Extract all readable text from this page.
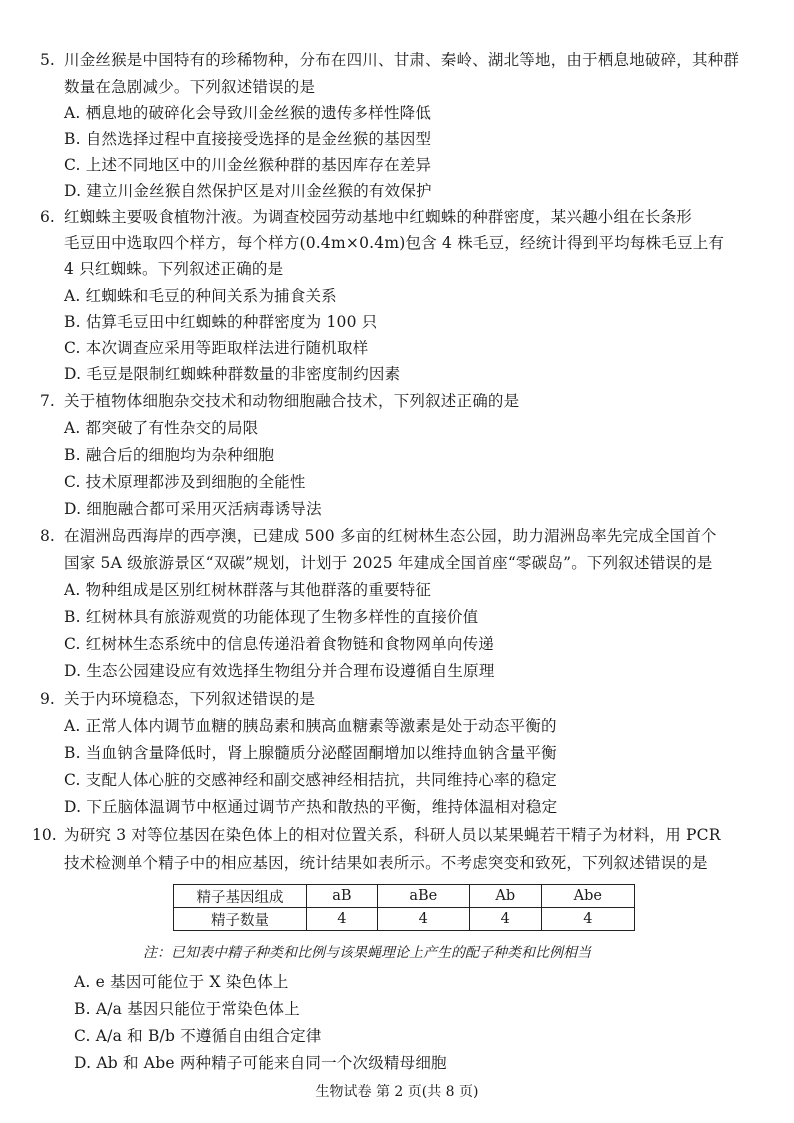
5. 川金丝猴是中国特有的珍稀物种，分布在四川、甘肃、秦岭、湖北等地，由于栖息地破碎，其种群
数量在急剧减少。下列叙述错误的是
A. 栖息地的破碎化会导致川金丝猴的遗传多样性降低
B. 自然选择过程中直接接受选择的是金丝猴的基因型
C. 上述不同地区中的川金丝猴种群的基因库存在差异
D. 建立川金丝猴自然保护区是对川金丝猴的有效保护
6. 红蜘蛛主要吸食植物汁液。为调查校园劳动基地中红蜘蛛的种群密度，某兴趣小组在长条形
毛豆田中选取四个样方，每个样方(0.4m×0.4m)包含 4 株毛豆，经统计得到平均每株毛豆上有
4 只红蜘蛛。下列叙述正确的是
A. 红蜘蛛和毛豆的种间关系为捕食关系
B. 估算毛豆田中红蜘蛛的种群密度为 100 只
C. 本次调查应采用等距取样法进行随机取样
D. 毛豆是限制红蜘蛛种群数量的非密度制约因素
7. 关于植物体细胞杂交技术和动物细胞融合技术，下列叙述正确的是
A. 都突破了有性杂交的局限
B. 融合后的细胞均为杂种细胞
C. 技术原理都涉及到细胞的全能性
D. 细胞融合都可采用灭活病毒诱导法
8. 在湄洲岛西海岸的西亭澳，已建成 500 多亩的红树林生态公园，助力湄洲岛率先完成全国首个
国家 5A 级旅游景区“双碳”规划，计划于 2025 年建成全国首座“零碳岛”。下列叙述错误的是
A. 物种组成是区别红树林群落与其他群落的重要特征
B. 红树林具有旅游观赏的功能体现了生物多样性的直接价值
C. 红树林生态系统中的信息传递沿着食物链和食物网单向传递
D. 生态公园建设应有效选择生物组分并合理布设遵循自生原理
9. 关于内环境稳态，下列叙述错误的是
A. 正常人体内调节血糖的胰岛素和胰高血糖素等激素是处于动态平衡的
B. 当血钠含量降低时，肾上腺髓质分泌醛固酮增加以维持血钠含量平衡
C. 支配人体心脏的交感神经和副交感神经相拮抗，共同维持心率的稳定
D. 下丘脑体温调节中枢通过调节产热和散热的平衡，维持体温相对稳定
10. 为研究 3 对等位基因在染色体上的相对位置关系，科研人员以某果蝇若干精子为材料，用 PCR
技术检测单个精子中的相应基因，统计结果如表所示。不考虑突变和致死，下列叙述错误的是
精子基因组成	aB	aBe	Ab	Abe
精子数量	4	4	4	4
注：已知表中精子种类和比例与该果蝇理论上产生的配子种类和比例相当
A. e 基因可能位于 X 染色体上
B. A/a 基因只能位于常染色体上
C. A/a 和 B/b 不遵循自由组合定律
D. Ab 和 Abe 两种精子可能来自同一个次级精母细胞
生物试卷 第 2 页(共 8 页)
